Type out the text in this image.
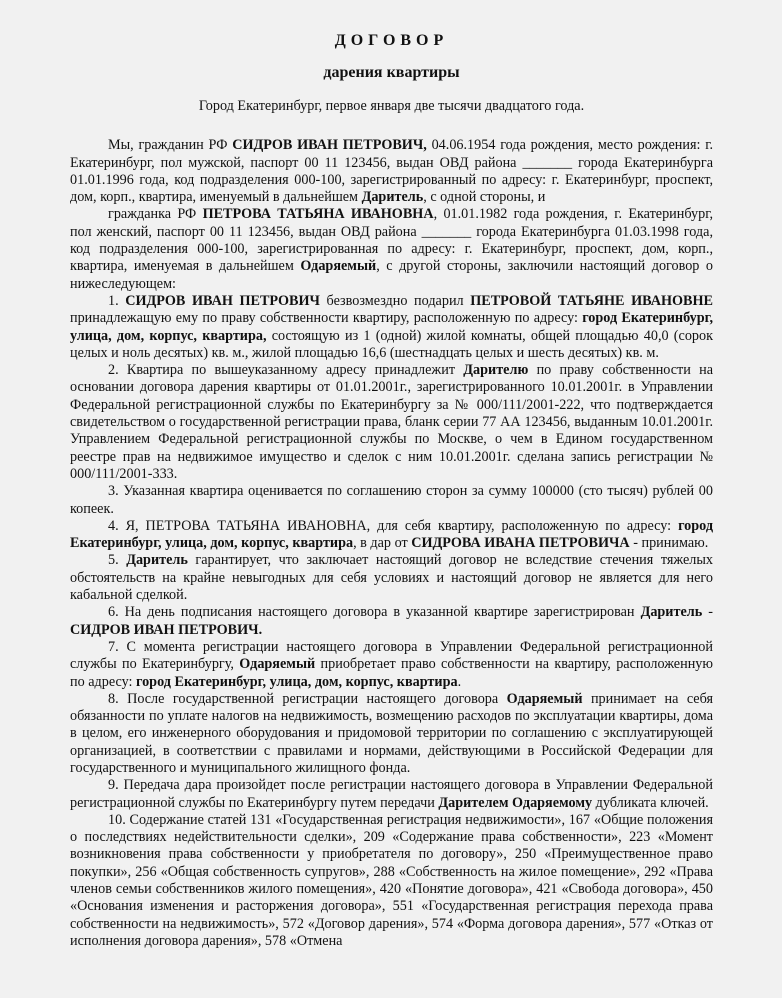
ДОГОВОР
дарения квартиры
Город Екатеринбург, первое января две тысячи двадцатого года.

Мы, гражданин РФ СИДРОВ ИВАН ПЕТРОВИЧ, 04.06.1954 года рождения, место рождения: г. Екатеринбург, пол мужской, паспорт 00 11 123456, выдан ОВД района _______ города Екатеринбурга 01.01.1996 года, код подразделения 000-100, зарегистрированный по адресу: г. Екатеринбург, проспект, дом, корп., квартира, именуемый в дальнейшем Даритель, с одной стороны, и

гражданка РФ ПЕТРОВА ТАТЬЯНА ИВАНОВНА, 01.01.1982 года рождения, г. Екатеринбург, пол женский, паспорт 00 11 123456, выдан ОВД района _______ города Екатеринбурга 01.03.1998 года, код подразделения 000-100, зарегистрированная по адресу: г. Екатеринбург, проспект, дом, корп., квартира, именуемая в дальнейшем Одаряемый, с другой стороны, заключили настоящий договор о нижеследующем:

1. СИДРОВ ИВАН ПЕТРОВИЧ безвозмездно подарил ПЕТРОВОЙ ТАТЬЯНЕ ИВАНОВНЕ принадлежащую ему по праву собственности квартиру, расположенную по адресу: город Екатеринбург, улица, дом, корпус, квартира, состоящую из 1 (одной) жилой комнаты, общей площадью 40,0 (сорок целых и ноль десятых) кв. м., жилой площадью 16,6 (шестнадцать целых и шесть десятых) кв. м.

2. Квартира по вышеуказанному адресу принадлежит Дарителю по праву собственности на основании договора дарения квартиры от 01.01.2001г., зарегистрированного 10.01.2001г. в Управлении Федеральной регистрационной службы по Екатеринбургу за № 000/111/2001-222, что подтверждается свидетельством о государственной регистрации права, бланк серии 77 АА 123456, выданным 10.01.2001г. Управлением Федеральной регистрационной службы по Москве, о чем в Едином государственном реестре прав на недвижимое имущество и сделок с ним 10.01.2001г. сделана запись регистрации № 000/111/2001-333.

3. Указанная квартира оценивается по соглашению сторон за сумму 100000 (сто тысяч) рублей 00 копеек.

4. Я, ПЕТРОВА ТАТЬЯНА ИВАНОВНА, для себя квартиру, расположенную по адресу: город Екатеринбург, улица, дом, корпус, квартира, в дар от СИДРОВА ИВАНА ПЕТРОВИЧА - принимаю.

5. Даритель гарантирует, что заключает настоящий договор не вследствие стечения тяжелых обстоятельств на крайне невыгодных для себя условиях и настоящий договор не является для него кабальной сделкой.

6. На день подписания настоящего договора в указанной квартире зарегистрирован Даритель - СИДРОВ ИВАН ПЕТРОВИЧ.

7. С момента регистрации настоящего договора в Управлении Федеральной регистрационной службы по Екатеринбургу, Одаряемый приобретает право собственности на квартиру, расположенную по адресу: город Екатеринбург, улица, дом, корпус, квартира.

8. После государственной регистрации настоящего договора Одаряемый принимает на себя обязанности по уплате налогов на недвижимость, возмещению расходов по эксплуатации квартиры, дома в целом, его инженерного оборудования и придомовой территории по соглашению с эксплуатирующей организацией, в соответствии с правилами и нормами, действующими в Российской Федерации для государственного и муниципального жилищного фонда.

9. Передача дара произойдет после регистрации настоящего договора в Управлении Федеральной регистрационной службы по Екатеринбургу путем передачи Дарителем Одаряемому дубликата ключей.

10. Содержание статей 131 «Государственная регистрация недвижимости», 167 «Общие положения о последствиях недействительности сделки», 209 «Содержание права собственности», 223 «Момент возникновения права собственности у приобретателя по договору», 250 «Преимущественное право покупки», 256 «Общая собственность супругов», 288 «Собственность на жилое помещение», 292 «Права членов семьи собственников жилого помещения», 420 «Понятие договора», 421 «Свобода договора», 450 «Основания изменения и расторжения договора», 551 «Государственная регистрация перехода права собственности на недвижимость», 572 «Договор дарения», 574 «Форма договора дарения», 577 «Отказ от исполнения договора дарения», 578 «Отмена
